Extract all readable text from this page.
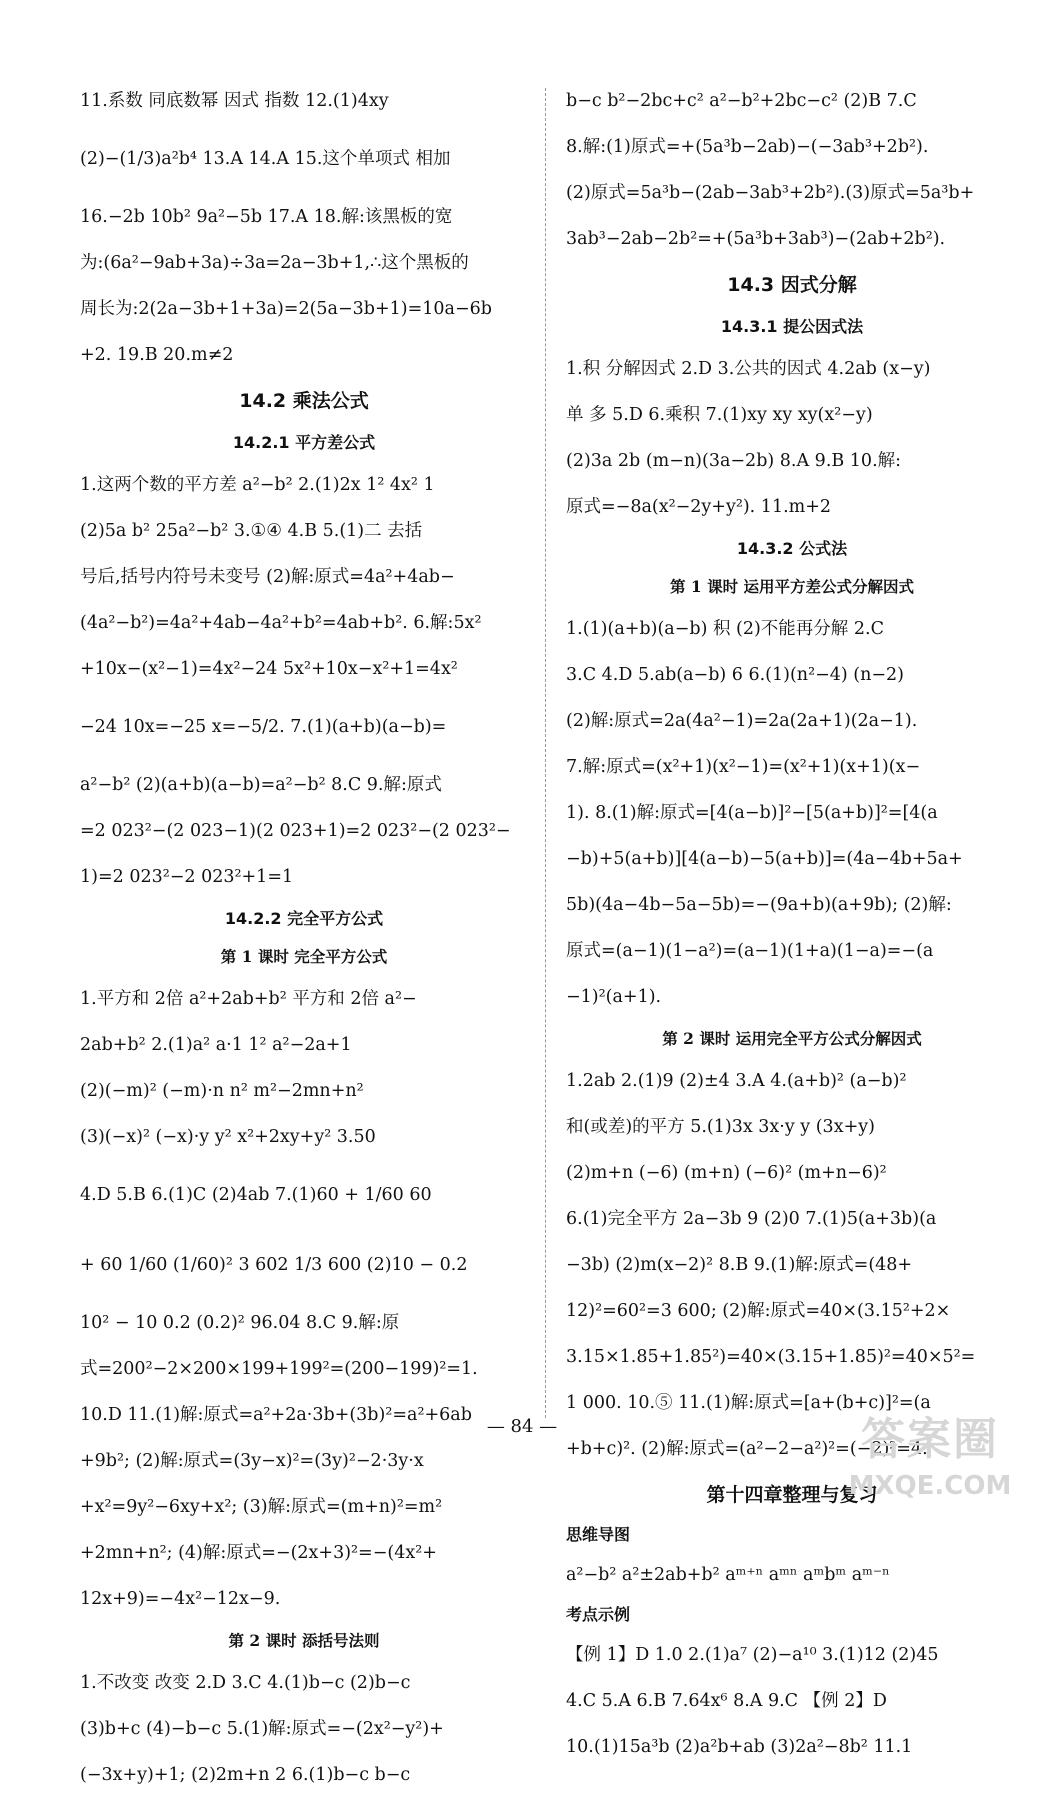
11.系数 同底数幂 因式 指数 12.(1)4xy
(2)−(1/3)a²b⁴ 13.A 14.A 15.这个单项式 相加
16.−2b 10b² 9a²−5b 17.A 18.解:该黑板的宽
为:(6a²−9ab+3a)÷3a=2a−3b+1,∴这个黑板的
周长为:2(2a−3b+1+3a)=2(5a−3b+1)=10a−6b
+2. 19.B 20.m≠2
14.2 乘法公式
14.2.1 平方差公式
1.这两个数的平方差 a²−b² 2.(1)2x 1² 4x² 1
(2)5a b² 25a²−b² 3.①④ 4.B 5.(1)二 去括
号后,括号内符号未变号 (2)解:原式=4a²+4ab−
(4a²−b²)=4a²+4ab−4a²+b²=4ab+b². 6.解:5x²
+10x−(x²−1)=4x²−24 5x²+10x−x²+1=4x²
−24 10x=−25 x=−5/2. 7.(1)(a+b)(a−b)=
a²−b² (2)(a+b)(a−b)=a²−b² 8.C 9.解:原式
=2 023²−(2 023−1)(2 023+1)=2 023²−(2 023²−
1)=2 023²−2 023²+1=1
14.2.2 完全平方公式
第 1 课时 完全平方公式
1.平方和 2倍 a²+2ab+b² 平方和 2倍 a²−
2ab+b² 2.(1)a² a·1 1² a²−2a+1
(2)(−m)² (−m)·n n² m²−2mn+n²
(3)(−x)² (−x)·y y² x²+2xy+y² 3.50
4.D 5.B 6.(1)C (2)4ab 7.(1)60 + 1/60 60
+ 60 1/60 (1/60)² 3 602 1/3 600 (2)10 − 0.2
10² − 10 0.2 (0.2)² 96.04 8.C 9.解:原
式=200²−2×200×199+199²=(200−199)²=1.
10.D 11.(1)解:原式=a²+2a·3b+(3b)²=a²+6ab
+9b²; (2)解:原式=(3y−x)²=(3y)²−2·3y·x
+x²=9y²−6xy+x²; (3)解:原式=(m+n)²=m²
+2mn+n²; (4)解:原式=−(2x+3)²=−(4x²+
12x+9)=−4x²−12x−9.
第 2 课时 添括号法则
1.不改变 改变 2.D 3.C 4.(1)b−c (2)b−c
(3)b+c (4)−b−c 5.(1)解:原式=−(2x²−y²)+
(−3x+y)+1; (2)2m+n 2 6.(1)b−c b−c
b−c b²−2bc+c² a²−b²+2bc−c² (2)B 7.C
8.解:(1)原式=+(5a³b−2ab)−(−3ab³+2b²).
(2)原式=5a³b−(2ab−3ab³+2b²).(3)原式=5a³b+
3ab³−2ab−2b²=+(5a³b+3ab³)−(2ab+2b²).
14.3 因式分解
14.3.1 提公因式法
1.积 分解因式 2.D 3.公共的因式 4.2ab (x−y)
单 多 5.D 6.乘积 7.(1)xy xy xy(x²−y)
(2)3a 2b (m−n)(3a−2b) 8.A 9.B 10.解:
原式=−8a(x²−2y+y²). 11.m+2
14.3.2 公式法
第 1 课时 运用平方差公式分解因式
1.(1)(a+b)(a−b) 积 (2)不能再分解 2.C
3.C 4.D 5.ab(a−b) 6 6.(1)(n²−4) (n−2)
(2)解:原式=2a(4a²−1)=2a(2a+1)(2a−1).
7.解:原式=(x²+1)(x²−1)=(x²+1)(x+1)(x−
1). 8.(1)解:原式=[4(a−b)]²−[5(a+b)]²=[4(a
−b)+5(a+b)][4(a−b)−5(a+b)]=(4a−4b+5a+
5b)(4a−4b−5a−5b)=−(9a+b)(a+9b); (2)解:
原式=(a−1)(1−a²)=(a−1)(1+a)(1−a)=−(a
−1)²(a+1).
第 2 课时 运用完全平方公式分解因式
1.2ab 2.(1)9 (2)±4 3.A 4.(a+b)² (a−b)²
和(或差)的平方 5.(1)3x 3x·y y (3x+y)
(2)m+n (−6) (m+n) (−6)² (m+n−6)²
6.(1)完全平方 2a−3b 9 (2)0 7.(1)5(a+3b)(a
−3b) (2)m(x−2)² 8.B 9.(1)解:原式=(48+
12)²=60²=3 600; (2)解:原式=40×(3.15²+2×
3.15×1.85+1.85²)=40×(3.15+1.85)²=40×5²=
1 000. 10.⑤ 11.(1)解:原式=[a+(b+c)]²=(a
+b+c)². (2)解:原式=(a²−2−a²)²=(−2)²=4.
第十四章整理与复习
思维导图
a²−b² a²±2ab+b² aᵐ⁺ⁿ aᵐⁿ aᵐbᵐ aᵐ⁻ⁿ
考点示例
【例 1】D 1.0 2.(1)a⁷ (2)−a¹⁰ 3.(1)12 (2)45
4.C 5.A 6.B 7.64x⁶ 8.A 9.C 【例 2】D
10.(1)15a³b (2)a²b+ab (3)2a²−8b² 11.1
— 84 —	答案圈
MXQE.COM
